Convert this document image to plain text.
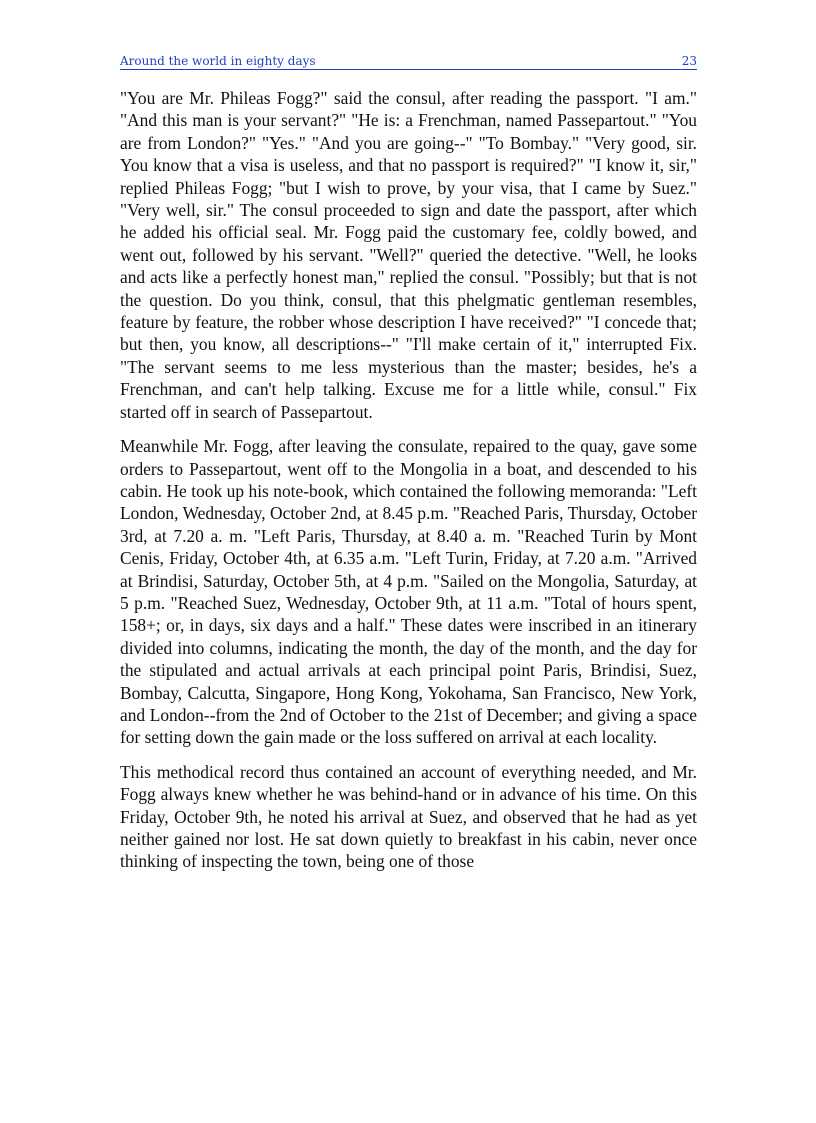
Around the world in eighty days	23

"You are Mr. Phileas Fogg?" said the consul, after reading the passport. "I am." "And this man is your servant?" "He is: a Frenchman, named Passepartout." "You are from London?" "Yes." "And you are going--" "To Bombay." "Very good, sir. You know that a visa is useless, and that no passport is required?" "I know it, sir," replied Phileas Fogg; "but I wish to prove, by your visa, that I came by Suez." "Very well, sir." The consul proceeded to sign and date the passport, after which he added his official seal. Mr. Fogg paid the customary fee, coldly bowed, and went out, followed by his servant. "Well?" queried the detective. "Well, he looks and acts like a perfectly honest man," replied the consul. "Possibly; but that is not the question. Do you think, consul, that this phelgmatic gentleman resembles, feature by feature, the robber whose description I have received?" "I concede that; but then, you know, all descriptions--" "I'll make certain of it," interrupted Fix. "The servant seems to me less mysterious than the master; besides, he's a Frenchman, and can't help talking. Excuse me for a little while, consul." Fix started off in search of Passepartout.

Meanwhile Mr. Fogg, after leaving the consulate, repaired to the quay, gave some orders to Passepartout, went off to the Mongolia in a boat, and descended to his cabin. He took up his note-book, which contained the following memoranda: "Left London, Wednesday, October 2nd, at 8.45 p.m. "Reached Paris, Thursday, October 3rd, at 7.20 a. m. "Left Paris, Thursday, at 8.40 a. m. "Reached Turin by Mont Cenis, Friday, October 4th, at 6.35 a.m. "Left Turin, Friday, at 7.20 a.m. "Arrived at Brindisi, Saturday, October 5th, at 4 p.m. "Sailed on the Mongolia, Saturday, at 5 p.m. "Reached Suez, Wednesday, October 9th, at 11 a.m. "Total of hours spent, 158+; or, in days, six days and a half." These dates were inscribed in an itinerary divided into columns, indicating the month, the day of the month, and the day for the stipulated and actual arrivals at each principal point Paris, Brindisi, Suez, Bombay, Calcutta, Singapore, Hong Kong, Yokohama, San Francisco, New York, and London--from the 2nd of October to the 21st of December; and giving a space for setting down the gain made or the loss suffered on arrival at each locality.

This methodical record thus contained an account of everything needed, and Mr. Fogg always knew whether he was behind-hand or in advance of his time. On this Friday, October 9th, he noted his arrival at Suez, and observed that he had as yet neither gained nor lost. He sat down quietly to breakfast in his cabin, never once thinking of inspecting the town, being one of those
